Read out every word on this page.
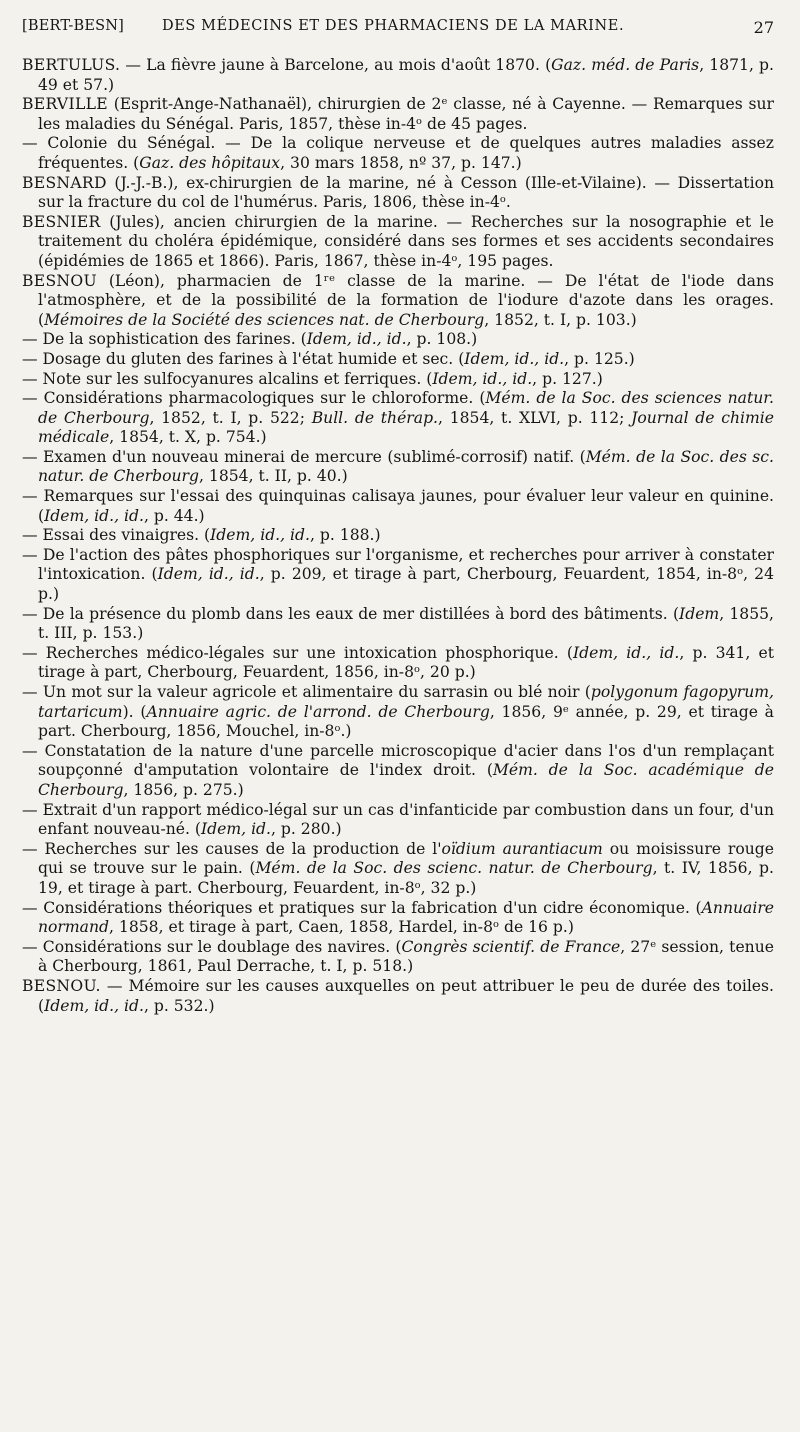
[BERT-BESN]	DES MÉDECINS ET DES PHARMACIENS DE LA MARINE.	27

BERTULUS. — La fièvre jaune à Barcelone, au mois d'août 1870. (Gaz. méd. de Paris, 1871, p. 49 et 57.)

BERVILLE (Esprit-Ange-Nathanaël), chirurgien de 2ᵉ classe, né à Cayenne. — Remarques sur les maladies du Sénégal. Paris, 1857, thèse in-4ᵒ de 45 pages.

— Colonie du Sénégal. — De la colique nerveuse et de quelques autres maladies assez fréquentes. (Gaz. des hôpitaux, 30 mars 1858, nº 37, p. 147.)

BESNARD (J.-J.-B.), ex-chirurgien de la marine, né à Cesson (Ille-et-Vilaine). — Dissertation sur la fracture du col de l'humérus. Paris, 1806, thèse in-4ᵒ.

BESNIER (Jules), ancien chirurgien de la marine. — Recherches sur la nosographie et le traitement du choléra épidémique, considéré dans ses formes et ses accidents secondaires (épidémies de 1865 et 1866). Paris, 1867, thèse in-4ᵒ, 195 pages.

BESNOU (Léon), pharmacien de 1ʳᵉ classe de la marine. — De l'état de l'iode dans l'atmosphère, et de la possibilité de la formation de l'iodure d'azote dans les orages. (Mémoires de la Société des sciences nat. de Cherbourg, 1852, t. I, p. 103.)

— De la sophistication des farines. (Idem, id., id., p. 108.)

— Dosage du gluten des farines à l'état humide et sec. (Idem, id., id., p. 125.)

— Note sur les sulfocyanures alcalins et ferriques. (Idem, id., id., p. 127.)

— Considérations pharmacologiques sur le chloroforme. (Mém. de la Soc. des sciences natur. de Cherbourg, 1852, t. I, p. 522; Bull. de thérap., 1854, t. XLVI, p. 112; Journal de chimie médicale, 1854, t. X, p. 754.)

— Examen d'un nouveau minerai de mercure (sublimé-corrosif) natif. (Mém. de la Soc. des sc. natur. de Cherbourg, 1854, t. II, p. 40.)

— Remarques sur l'essai des quinquinas calisaya jaunes, pour évaluer leur valeur en quinine. (Idem, id., id., p. 44.)

— Essai des vinaigres. (Idem, id., id., p. 188.)

— De l'action des pâtes phosphoriques sur l'organisme, et recherches pour arriver à constater l'intoxication. (Idem, id., id., p. 209, et tirage à part, Cherbourg, Feuardent, 1854, in-8ᵒ, 24 p.)

— De la présence du plomb dans les eaux de mer distillées à bord des bâtiments. (Idem, 1855, t. III, p. 153.)

— Recherches médico-légales sur une intoxication phosphorique. (Idem, id., id., p. 341, et tirage à part, Cherbourg, Feuardent, 1856, in-8ᵒ, 20 p.)

— Un mot sur la valeur agricole et alimentaire du sarrasin ou blé noir (polygonum fagopyrum, tartaricum). (Annuaire agric. de l'arrond. de Cherbourg, 1856, 9ᵉ année, p. 29, et tirage à part. Cherbourg, 1856, Mouchel, in-8ᵒ.)

— Constatation de la nature d'une parcelle microscopique d'acier dans l'os d'un remplaçant soupçonné d'amputation volontaire de l'index droit. (Mém. de la Soc. académique de Cherbourg, 1856, p. 275.)

— Extrait d'un rapport médico-légal sur un cas d'infanticide par combustion dans un four, d'un enfant nouveau-né. (Idem, id., p. 280.)

— Recherches sur les causes de la production de l'oïdium aurantiacum ou moisissure rouge qui se trouve sur le pain. (Mém. de la Soc. des scienc. natur. de Cherbourg, t. IV, 1856, p. 19, et tirage à part. Cherbourg, Feuardent, in-8ᵒ, 32 p.)

— Considérations théoriques et pratiques sur la fabrication d'un cidre économique. (Annuaire normand, 1858, et tirage à part, Caen, 1858, Hardel, in-8ᵒ de 16 p.)

— Considérations sur le doublage des navires. (Congrès scientif. de France, 27ᵉ session, tenue à Cherbourg, 1861, Paul Derrache, t. I, p. 518.)

BESNOU. — Mémoire sur les causes auxquelles on peut attribuer le peu de durée des toiles. (Idem, id., id., p. 532.)
